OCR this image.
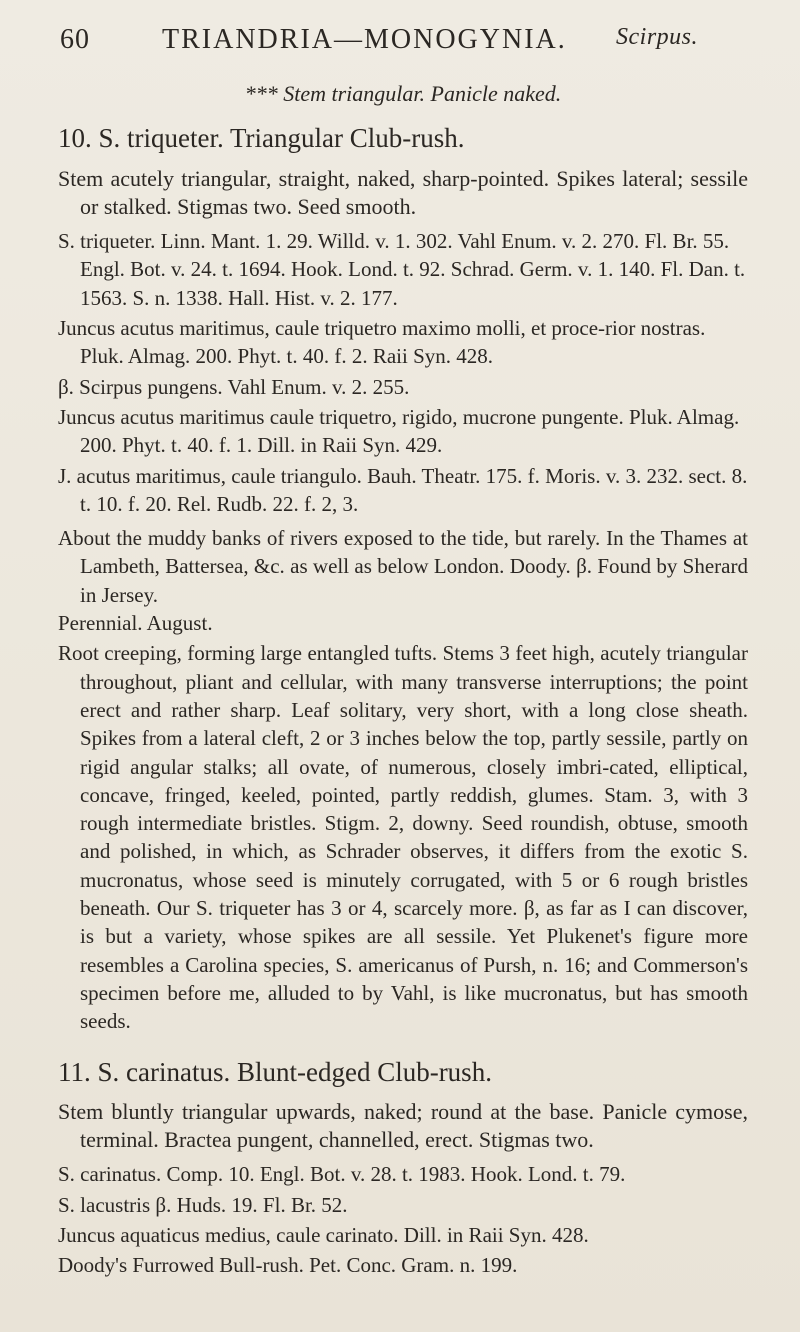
60	TRIANDRIA—MONOGYNIA. Scirpus.

*** Stem triangular. Panicle naked.

10. S. triqueter. Triangular Club-rush.

Stem acutely triangular, straight, naked, sharp-pointed. Spikes lateral; sessile or stalked. Stigmas two. Seed smooth.

S. triqueter. Linn. Mant. 1. 29. Willd. v. 1. 302. Vahl Enum. v. 2. 270. Fl. Br. 55. Engl. Bot. v. 24. t. 1694. Hook. Lond. t. 92. Schrad. Germ. v. 1. 140. Fl. Dan. t. 1563. S. n. 1338. Hall. Hist. v. 2. 177.

Juncus acutus maritimus, caule triquetro maximo molli, et proce-rior nostras. Pluk. Almag. 200. Phyt. t. 40. f. 2. Raii Syn. 428.

β. Scirpus pungens. Vahl Enum. v. 2. 255.

Juncus acutus maritimus caule triquetro, rigido, mucrone pungente. Pluk. Almag. 200. Phyt. t. 40. f. 1. Dill. in Raii Syn. 429.

J. acutus maritimus, caule triangulo. Bauh. Theatr. 175. f. Moris. v. 3. 232. sect. 8. t. 10. f. 20. Rel. Rudb. 22. f. 2, 3.

About the muddy banks of rivers exposed to the tide, but rarely. In the Thames at Lambeth, Battersea, &c. as well as below London. Doody. β. Found by Sherard in Jersey.

Perennial. August.

Root creeping, forming large entangled tufts. Stems 3 feet high, acutely triangular throughout, pliant and cellular, with many transverse interruptions; the point erect and rather sharp. Leaf solitary, very short, with a long close sheath. Spikes from a lateral cleft, 2 or 3 inches below the top, partly sessile, partly on rigid angular stalks; all ovate, of numerous, closely imbri-cated, elliptical, concave, fringed, keeled, pointed, partly reddish, glumes. Stam. 3, with 3 rough intermediate bristles. Stigm. 2, downy. Seed roundish, obtuse, smooth and polished, in which, as Schrader observes, it differs from the exotic S. mucronatus, whose seed is minutely corrugated, with 5 or 6 rough bristles beneath. Our S. triqueter has 3 or 4, scarcely more. β, as far as I can discover, is but a variety, whose spikes are all sessile. Yet Plukenet's figure more resembles a Carolina species, S. americanus of Pursh, n. 16; and Commerson's specimen before me, alluded to by Vahl, is like mucronatus, but has smooth seeds.

11. S. carinatus. Blunt-edged Club-rush.

Stem bluntly triangular upwards, naked; round at the base. Panicle cymose, terminal. Bractea pungent, channelled, erect. Stigmas two.

S. carinatus. Comp. 10. Engl. Bot. v. 28. t. 1983. Hook. Lond. t. 79.

S. lacustris β. Huds. 19. Fl. Br. 52.

Juncus aquaticus medius, caule carinato. Dill. in Raii Syn. 428.

Doody's Furrowed Bull-rush. Pet. Conc. Gram. n. 199.
